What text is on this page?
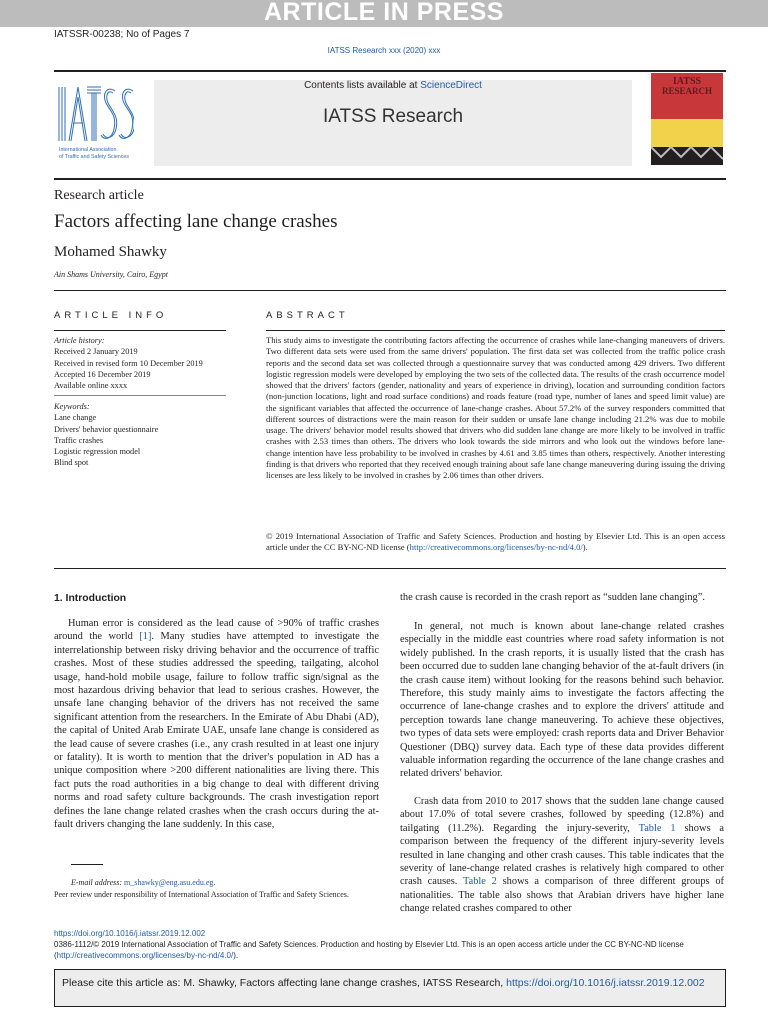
ARTICLE IN PRESS
IATSSR-00238; No of Pages 7
IATSS Research xxx (2020) xxx
Contents lists available at ScienceDirect
IATSS Research
International Association
of Traffic and Safety Sciences
IATSS
RESEARCH
Research article
Factors affecting lane change crashes
Mohamed Shawky
Ain Shams University, Cairo, Egypt
ARTICLE INFO
Article history:
Received 2 January 2019
Received in revised form 10 December 2019
Accepted 16 December 2019
Available online xxxx
Keywords:
Lane change
Drivers' behavior questionnaire
Traffic crashes
Logistic regression model
Blind spot
ABSTRACT
This study aims to investigate the contributing factors affecting the occurrence of crashes while lane-changing maneuvers of drivers. Two different data sets were used from the same drivers' population. The first data set was collected from the traffic police crash reports and the second data set was collected through a questionnaire survey that was conducted among 429 drivers. Two different logistic regression models were developed by employing the two sets of the collected data. The results of the crash occurrence model showed that the drivers' factors (gender, nationality and years of experience in driving), location and surrounding condition factors (non-junction locations, light and road surface conditions) and roads feature (road type, number of lanes and speed limit value) are the significant variables that affected the occurrence of lane-change crashes. About 57.2% of the survey responders committed that different sources of distractions were the main reason for their sudden or unsafe lane change including 21.2% was due to mobile usage. The drivers' behavior model results showed that drivers who did sudden lane change are more likely to be involved in traffic crashes with 2.53 times than others. The drivers who look towards the side mirrors and who look out the windows before lane-change intention have less probability to be involved in crashes by 4.61 and 3.85 times than others, respectively. Another interesting finding is that drivers who reported that they received enough training about safe lane change maneuvering during issuing the driving licenses are less likely to be involved in crashes by 2.06 times than other drivers.
© 2019 International Association of Traffic and Safety Sciences. Production and hosting by Elsevier Ltd. This is an open access article under the CC BY-NC-ND license (http://creativecommons.org/licenses/by-nc-nd/4.0/).
1. Introduction
Human error is considered as the lead cause of >90% of traffic crashes around the world [1]. Many studies have attempted to investigate the interrelationship between risky driving behavior and the occurrence of traffic crashes. Most of these studies addressed the speeding, tailgating, alcohol usage, hand-hold mobile usage, failure to follow traffic sign/signal as the most hazardous driving behavior that lead to serious crashes. However, the unsafe lane changing behavior of the drivers has not received the same significant attention from the researchers. In the Emirate of Abu Dhabi (AD), the capital of United Arab Emirate UAE, unsafe lane change is considered as the lead cause of severe crashes (i.e., any crash resulted in at least one injury or fatality). It is worth to mention that the driver's population in AD has a unique composition where >200 different nationalities are living there. This fact puts the road authorities in a big change to deal with different driving norms and road safety culture backgrounds. The crash investigation report defines the lane change related crashes when the crash occurs during the at-fault drivers changing the lane suddenly. In this case,
the crash cause is recorded in the crash report as “sudden lane changing”.
In general, not much is known about lane-change related crashes especially in the middle east countries where road safety information is not widely published. In the crash reports, it is usually listed that the crash has been occurred due to sudden lane changing behavior of the at-fault drivers (in the crash cause item) without looking for the reasons behind such behavior. Therefore, this study mainly aims to investigate the factors affecting the occurrence of lane-change crashes and to explore the drivers' attitude and perception towards lane change maneuvering. To achieve these objectives, two types of data sets were employed: crash reports data and Driver Behavior Questioner (DBQ) survey data. Each type of these data provides different valuable information regarding the occurrence of the lane change crashes and related drivers' behavior.
Crash data from 2010 to 2017 shows that the sudden lane change caused about 17.0% of total severe crashes, followed by speeding (12.8%) and tailgating (11.2%). Regarding the injury-severity, Table 1 shows a comparison between the frequency of the different injury-severity levels resulted in lane changing and other crash causes. This table indicates that the severity of lane-change related crashes is relatively high compared to other crash causes. Table 2 shows a comparison of three different groups of nationalities. The table also shows that Arabian drivers have higher lane change related crashes compared to other
E-mail address: m_shawky@eng.asu.edu.eg.
Peer review under responsibility of International Association of Traffic and Safety Sciences.
https://doi.org/10.1016/j.iatssr.2019.12.002
0386-1112/© 2019 International Association of Traffic and Safety Sciences. Production and hosting by Elsevier Ltd. This is an open access article under the CC BY-NC-ND license (http://creativecommons.org/licenses/by-nc-nd/4.0/).
Please cite this article as: M. Shawky, Factors affecting lane change crashes, IATSS Research, https://doi.org/10.1016/j.iatssr.2019.12.002
